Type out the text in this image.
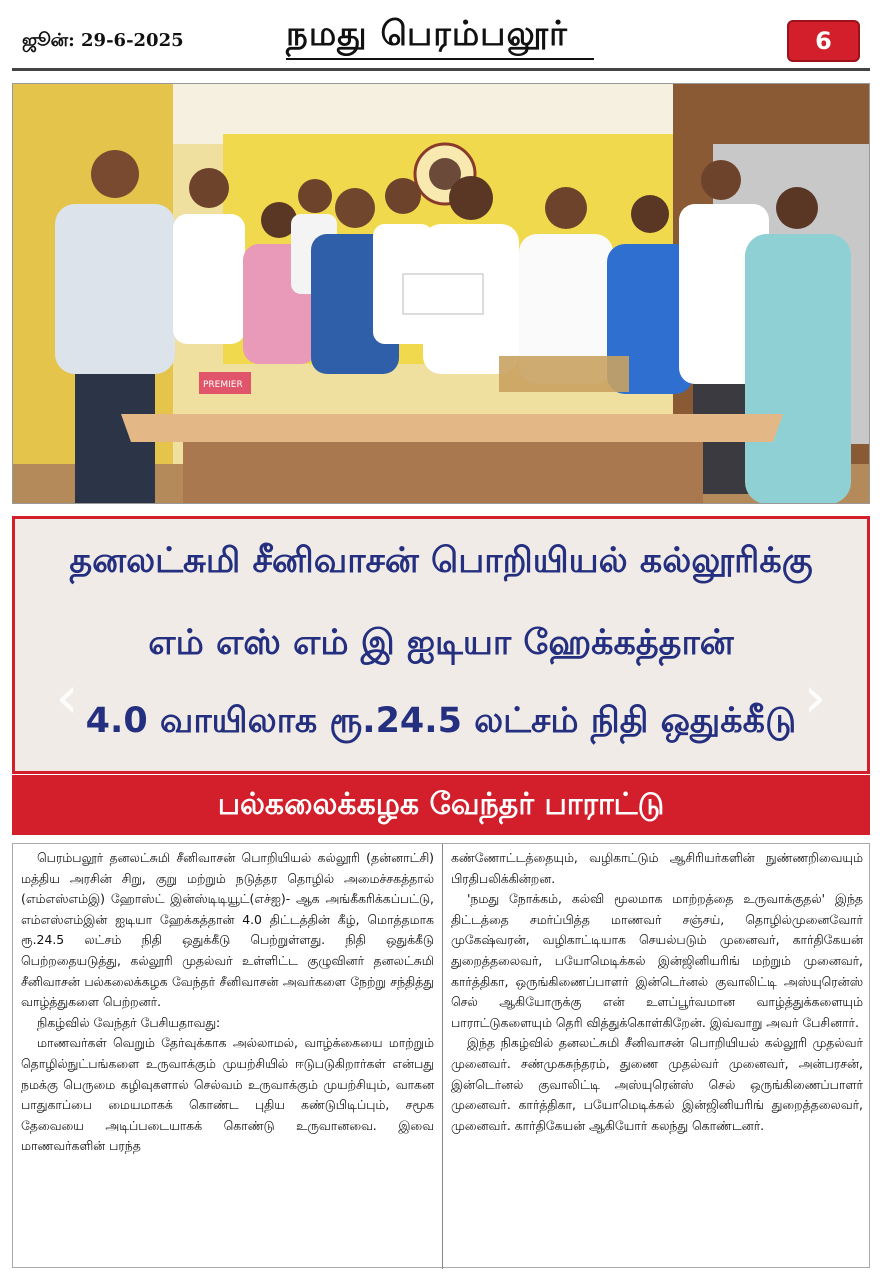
ஜூன்: 29-6-2025	நமது பெரம்பலூர்	6
PREMIER
தனலட்சுமி சீனிவாசன் பொறியியல் கல்லூரிக்கு
எம் எஸ் எம் இ ஐடியா ஹேக்கத்தான்
4.0 வாயிலாக ரூ.24.5 லட்சம் நிதி ஒதுக்கீடு
‹	›
பல்கலைக்கழக வேந்தர் பாராட்டு

பெரம்பலூர் தனலட்சுமி சீனிவாசன் பொறியியல் கல்லூரி (தன்னாட்சி) மத்திய அரசின் சிறு, குறு மற்றும் நடுத்தர தொழில் அமைச்சகத்தால் (எம்எஸ்எம்இ) ஹோஸ்ட் இன்ஸ்டிடியூட்(எச்ஐ)- ஆக அங்கீகரிக்கப்பட்டு, எம்எஸ்எம்இன் ஐடியா ஹேக்கத்தான் 4.0 திட்டத்தின் கீழ், மொத்தமாக ரூ.24.5 லட்சம் நிதி ஒதுக்கீடு பெற்றுள்ளது. நிதி ஒதுக்கீடு பெற்றதையடுத்து, கல்லூரி முதல்வர் உள்ளிட்ட குழுவினர் தனலட்சுமி சீனிவாசன் பல்கலைக்கழக வேந்தர் சீனிவாசன் அவர்களை நேற்று சந்தித்து வாழ்த்துகளை பெற்றனர்.

நிகழ்வில் வேந்தர் பேசியதாவது:

மாணவர்கள் வெறும் தேர்வுக்காக அல்லாமல், வாழ்க்கையை மாற்றும் தொழில்நுட்பங்களை உருவாக்கும் முயற்சியில் ஈடுபடுகிறார்கள் என்பது நமக்கு பெருமை கழிவுகளால் செல்வம் உருவாக்கும் முயற்சியும், வாகன பாதுகாப்பை மையமாகக் கொண்ட புதிய கண்டுபிடிப்பும், சமூக தேவையை அடிப்படையாகக் கொண்டு உருவானவை. இவை மாணவர்களின் பரந்த

கண்ணோட்டத்தையும், வழிகாட்டும் ஆசிரியர்களின் நுண்ணறிவையும் பிரதிபலிக்கின்றன.

'நமது நோக்கம், கல்வி மூலமாக மாற்றத்தை உருவாக்குதல்' இந்த திட்டத்தை சமர்ப்பித்த மாணவர் சஞ்சய், தொழில்முனைவோர் முகேஷ்வரன், வழிகாட்டியாக செயல்படும் முனைவர், கார்திகேயன் துறைத்தலைவர், பயோமெடிக்கல் இன்ஜினியரிங் மற்றும் முனைவர், கார்த்திகா, ஒருங்கிணைப்பாளர் இன்டெர்னல் குவாலிட்டி அஸ்யுரென்ஸ் செல் ஆகியோருக்கு என் உளப்பூர்வமான வாழ்த்துக்களையும் பாராட்டுகளையும் தெரி வித்துக்கொள்கிறேன். இவ்வாறு அவர் பேசினார்.

இந்த நிகழ்வில் தனலட்சுமி சீனிவாசன் பொறியியல் கல்லூரி முதல்வர் முனைவர். சண்முகசுந்தரம், துணை முதல்வர் முனைவர், அன்பரசன், இன்டெர்னல் குவாலிட்டி அஸ்யுரென்ஸ் செல் ஒருங்கிணைப்பாளர் முனைவர். கார்த்திகா, பயோமெடிக்கல் இன்ஜினியரிங் துறைத்தலைவர், முனைவர். கார்திகேயன் ஆகியோர் கலந்து கொண்டனர்.
